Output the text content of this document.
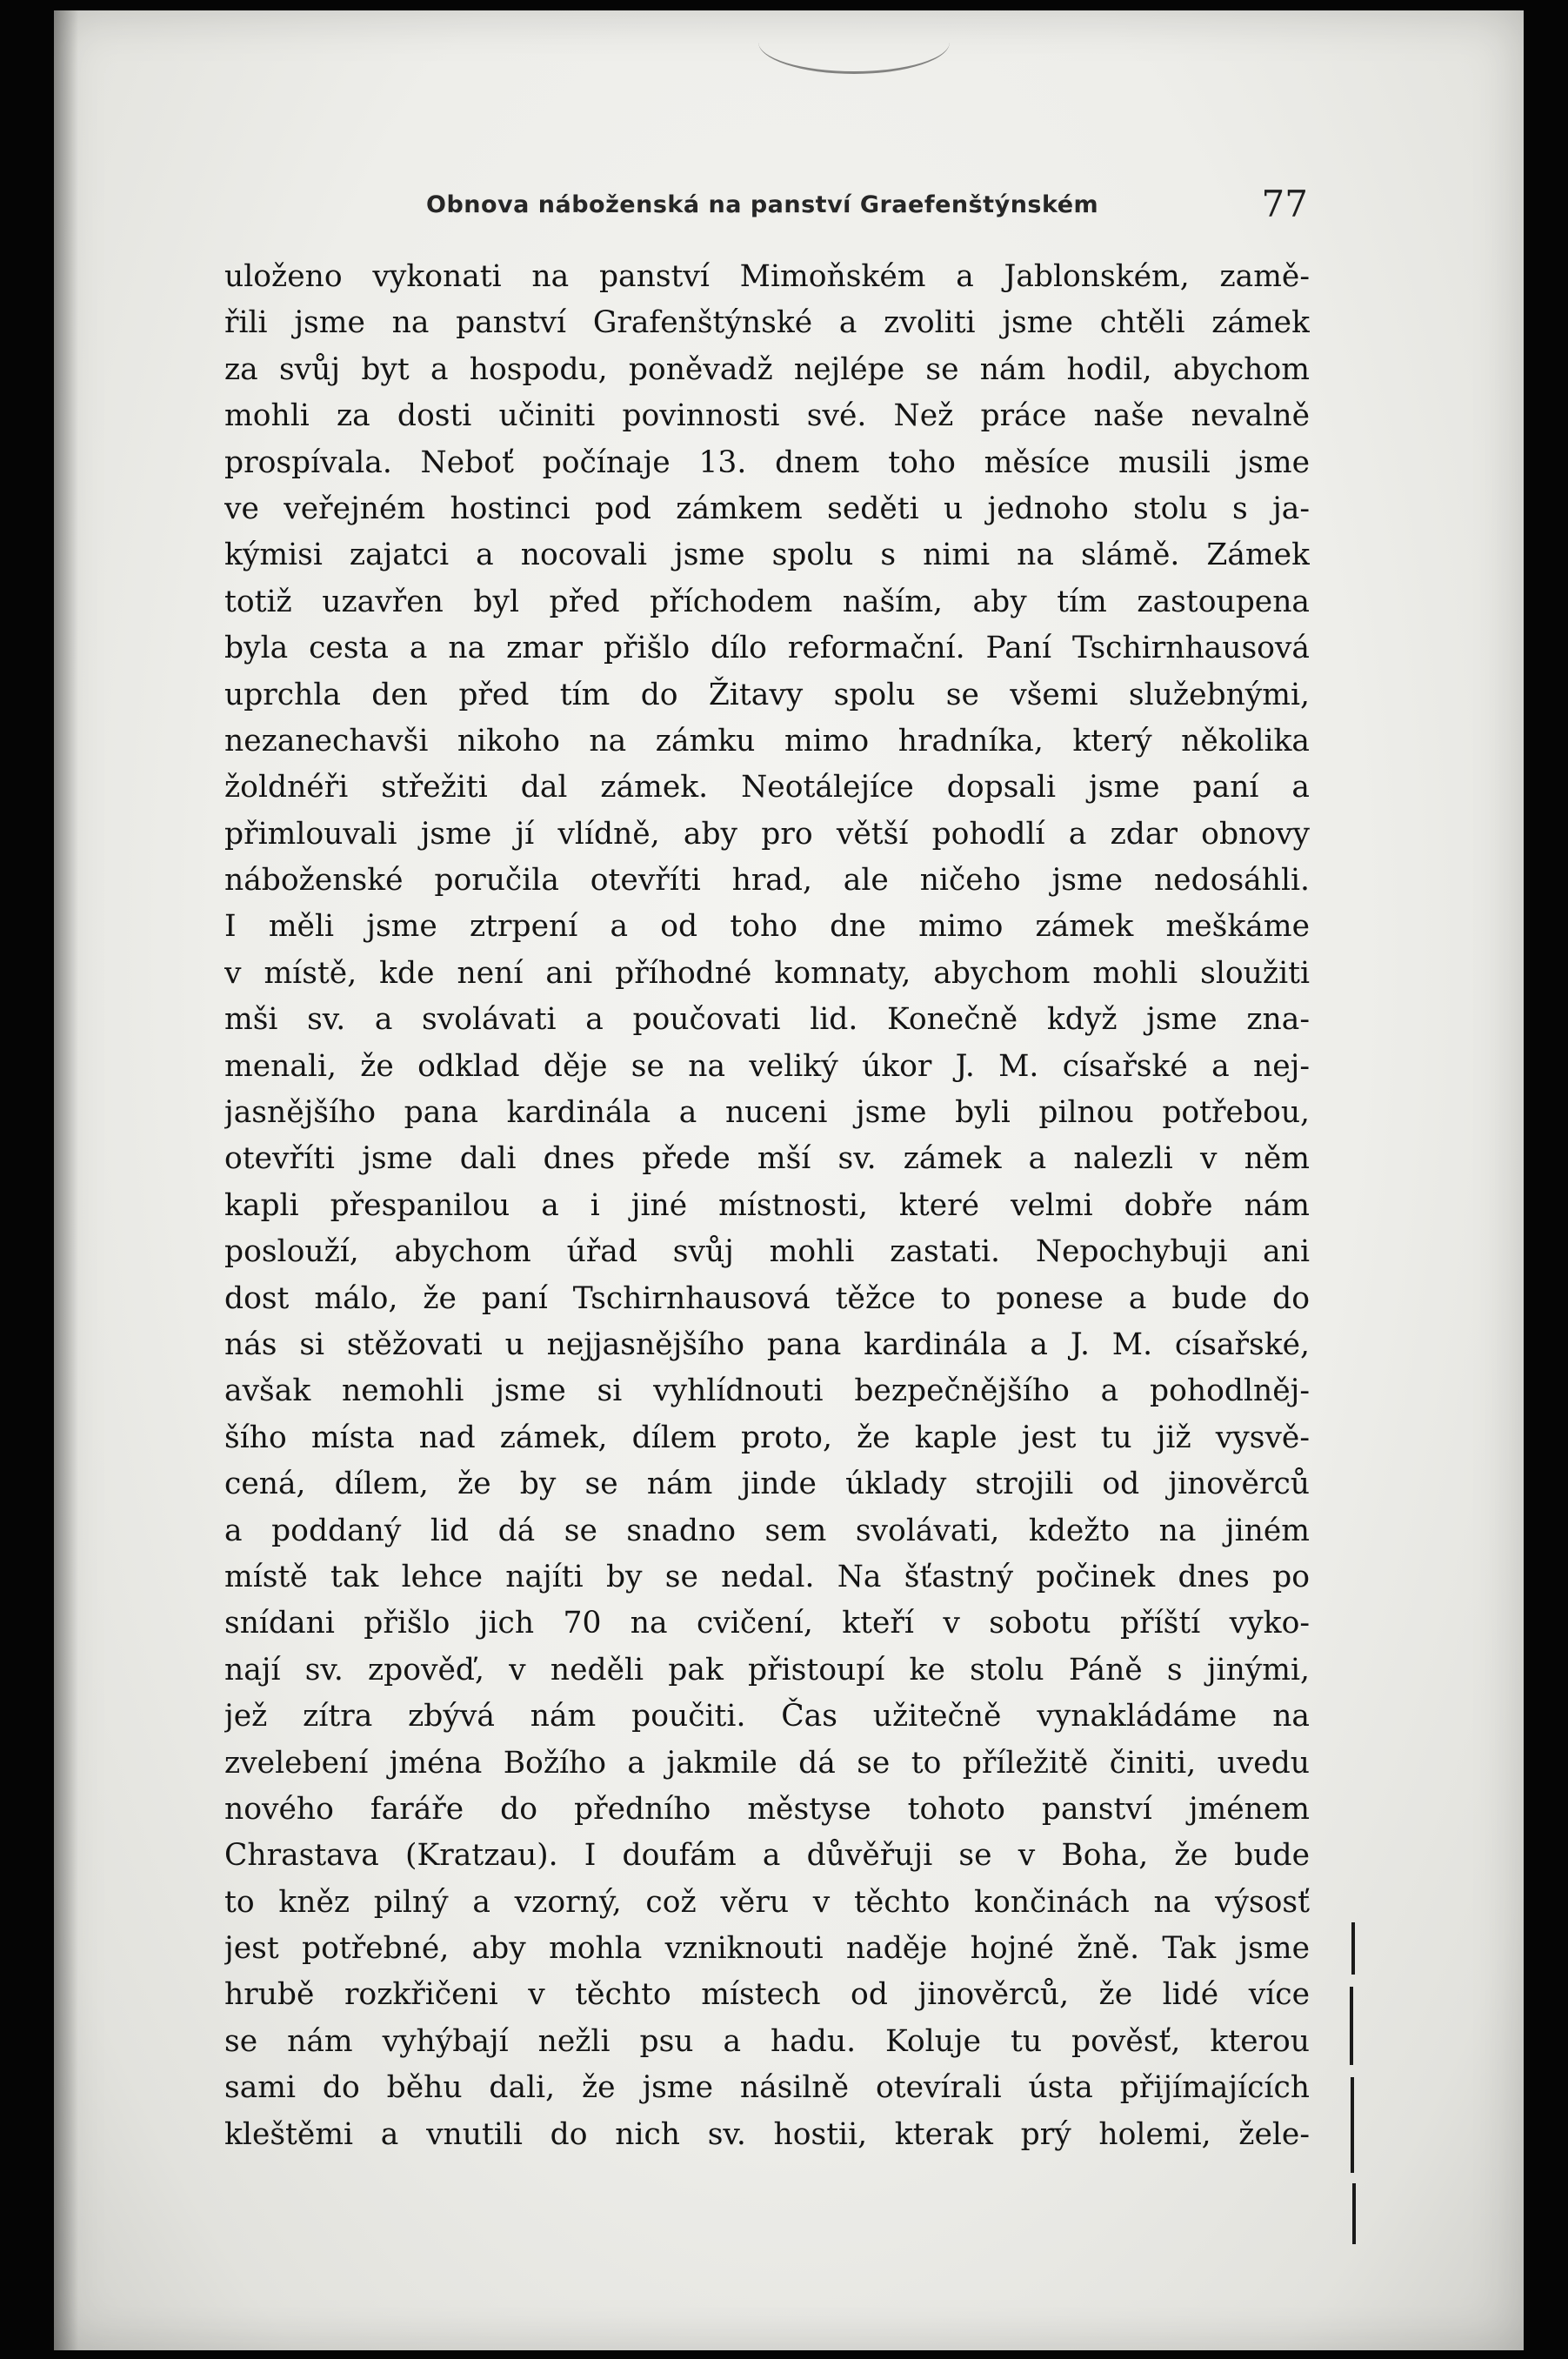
Obnova náboženská na panství Graefenštýnském	77
uloženo vykonati na panství Mimoňském a Jablonském, zamě-
řili jsme na panství Grafenštýnské a zvoliti jsme chtěli zámek
za svůj byt a hospodu, poněvadž nejlépe se nám hodil, abychom
mohli za dosti učiniti povinnosti své. Než práce naše nevalně
prospívala. Neboť počínaje 13. dnem toho měsíce musili jsme
ve veřejném hostinci pod zámkem seděti u jednoho stolu s ja-
kýmisi zajatci a nocovali jsme spolu s nimi na slámě. Zámek
totiž uzavřen byl před příchodem naším, aby tím zastoupena
byla cesta a na zmar přišlo dílo reformační. Paní Tschirnhausová
uprchla den před tím do Žitavy spolu se všemi služebnými,
nezanechavši nikoho na zámku mimo hradníka, který několika
žoldnéři střežiti dal zámek. Neotálejíce dopsali jsme paní a
přimlouvali jsme jí vlídně, aby pro větší pohodlí a zdar obnovy
náboženské poručila otevříti hrad, ale ničeho jsme nedosáhli.
I měli jsme ztrpení a od toho dne mimo zámek meškáme
v místě, kde není ani příhodné komnaty, abychom mohli sloužiti
mši sv. a svolávati a poučovati lid. Konečně když jsme zna-
menali, že odklad děje se na veliký úkor J. M. císařské a nej-
jasnějšího pana kardinála a nuceni jsme byli pilnou potřebou,
otevříti jsme dali dnes přede mší sv. zámek a nalezli v něm
kapli přespanilou a i jiné místnosti, které velmi dobře nám
poslouží, abychom úřad svůj mohli zastati. Nepochybuji ani
dost málo, že paní Tschirnhausová těžce to ponese a bude do
nás si stěžovati u nejjasnějšího pana kardinála a J. M. císařské,
avšak nemohli jsme si vyhlídnouti bezpečnějšího a pohodlněj-
šího místa nad zámek, dílem proto, že kaple jest tu již vysvě-
cená, dílem, že by se nám jinde úklady strojili od jinověrců
a poddaný lid dá se snadno sem svolávati, kdežto na jiném
místě tak lehce najíti by se nedal. Na šťastný počinek dnes po
snídani přišlo jich 70 na cvičení, kteří v sobotu příští vyko-
nají sv. zpověď, v neděli pak přistoupí ke stolu Páně s jinými,
jež zítra zbývá nám poučiti. Čas užitečně vynakládáme na
zvelebení jména Božího a jakmile dá se to příležitě činiti, uvedu
nového faráře do předního městyse tohoto panství jménem
Chrastava (Kratzau). I doufám a důvěřuji se v Boha, že bude
to kněz pilný a vzorný, což věru v těchto končinách na výsosť
jest potřebné, aby mohla vzniknouti naděje hojné žně. Tak jsme
hrubě rozkřičeni v těchto místech od jinověrců, že lidé více
se nám vyhýbají nežli psu a hadu. Koluje tu pověsť, kterou
sami do běhu dali, že jsme násilně otevírali ústa přijímajících
kleštěmi a vnutili do nich sv. hostii, kterak prý holemi, žele-
